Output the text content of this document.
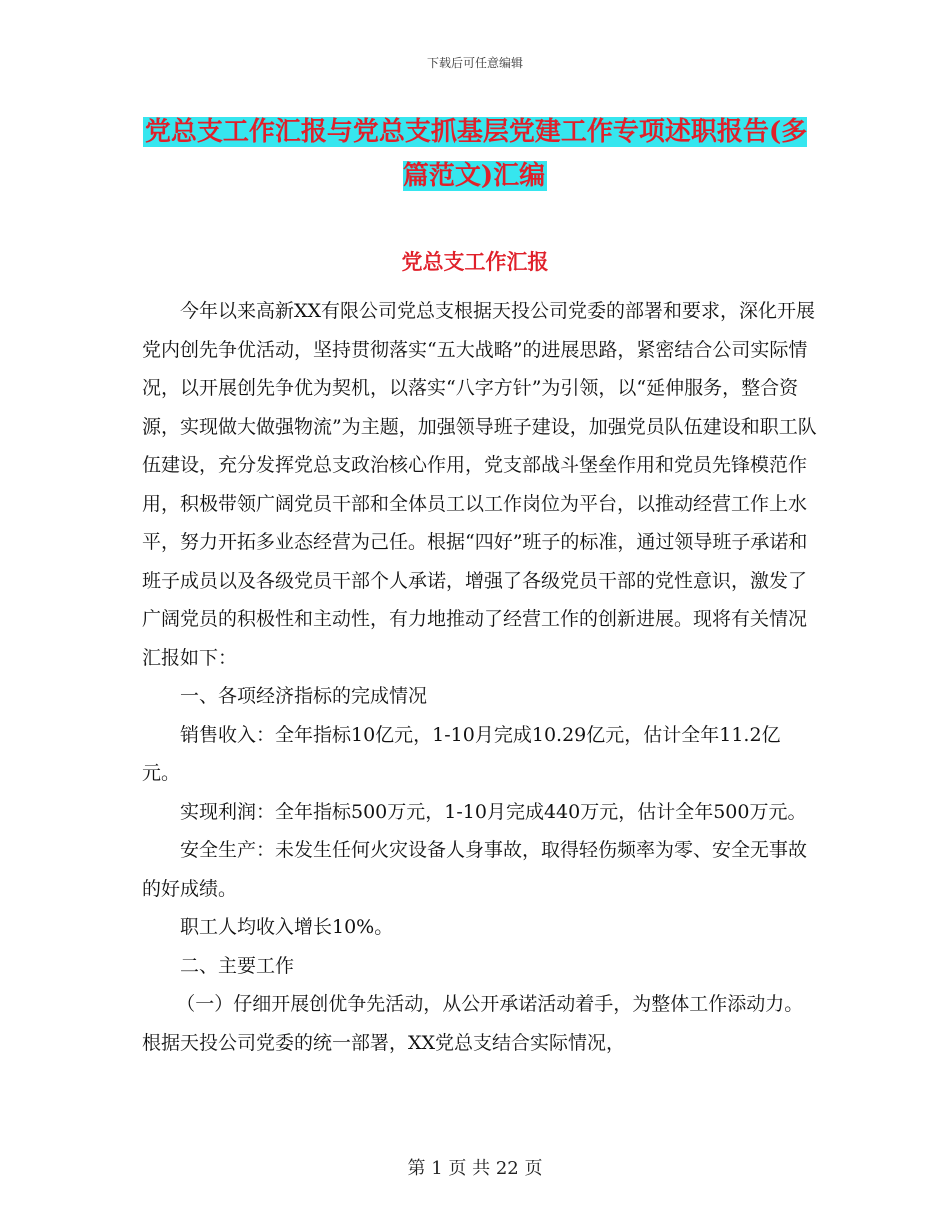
下载后可任意编辑
党总支工作汇报与党总支抓基层党建工作专项述职报告(多篇范文)汇编
党总支工作汇报

今年以来高新XX有限公司党总支根据天投公司党委的部署和要求，深化开展党内创先争优活动，坚持贯彻落实“五大战略”的进展思路，紧密结合公司实际情况，以开展创先争优为契机，以落实“八字方针”为引领，以“延伸服务，整合资源，实现做大做强物流”为主题，加强领导班子建设，加强党员队伍建设和职工队伍建设，充分发挥党总支政治核心作用，党支部战斗堡垒作用和党员先锋模范作用，积极带领广阔党员干部和全体员工以工作岗位为平台，以推动经营工作上水平，努力开拓多业态经营为己任。根据“四好”班子的标准，通过领导班子承诺和班子成员以及各级党员干部个人承诺，增强了各级党员干部的党性意识，激发了广阔党员的积极性和主动性，有力地推动了经营工作的创新进展。现将有关情况汇报如下：

一、各项经济指标的完成情况

销售收入：全年指标10亿元，1-10月完成10.29亿元，估计全年11.2亿元。

实现利润：全年指标500万元，1-10月完成440万元，估计全年500万元。

安全生产：未发生任何火灾设备人身事故，取得轻伤频率为零、安全无事故的好成绩。

职工人均收入增长10%。

二、主要工作

（一）仔细开展创优争先活动，从公开承诺活动着手，为整体工作添动力。根据天投公司党委的统一部署，XX党总支结合实际情况，

第 1 页 共 22 页
